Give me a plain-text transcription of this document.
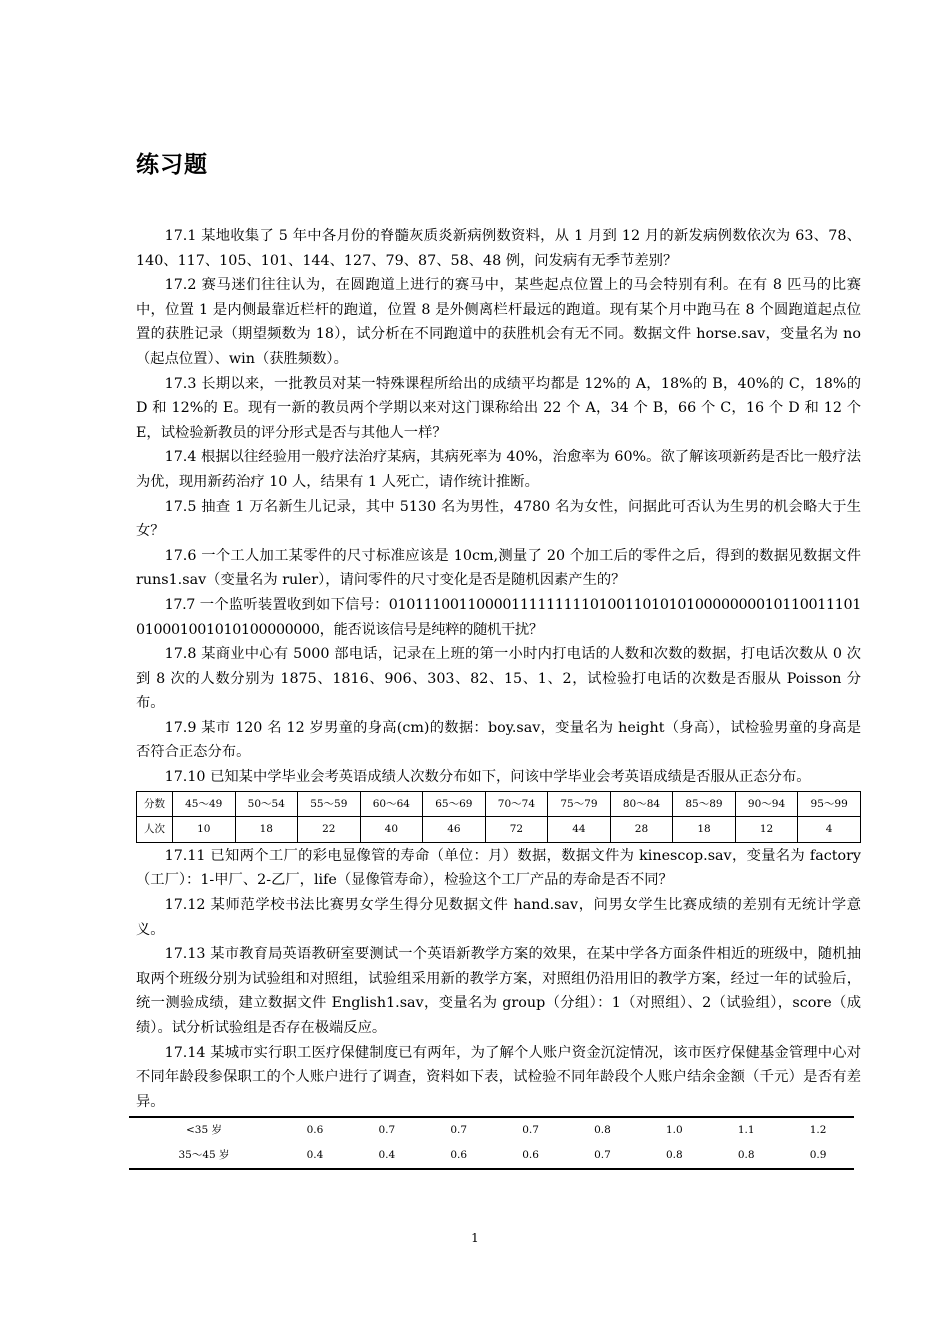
练习题

17.1 某地收集了 5 年中各月份的脊髓灰质炎新病例数资料，从 1 月到 12 月的新发病例数依次为 63、78、140、117、105、101、144、127、79、87、58、48 例，问发病有无季节差别？

17.2 赛马迷们往往认为，在圆跑道上进行的赛马中，某些起点位置上的马会特别有利。在有 8 匹马的比赛中，位置 1 是内侧最靠近栏杆的跑道，位置 8 是外侧离栏杆最远的跑道。现有某个月中跑马在 8 个圆跑道起点位置的获胜记录（期望频数为 18），试分析在不同跑道中的获胜机会有无不同。数据文件 horse.sav，变量名为 no（起点位置）、win（获胜频数）。

17.3 长期以来，一批教员对某一特殊课程所给出的成绩平均都是 12%的 A，18%的 B，40%的 C，18%的 D 和 12%的 E。现有一新的教员两个学期以来对这门课称给出 22 个 A，34 个 B，66 个 C，16 个 D 和 12 个 E，试检验新教员的评分形式是否与其他人一样？

17.4 根据以往经验用一般疗法治疗某病，其病死率为 40%，治愈率为 60%。欲了解该项新药是否比一般疗法为优，现用新药治疗 10 人，结果有 1 人死亡，请作统计推断。

17.5 抽查 1 万名新生儿记录，其中 5130 名为男性，4780 名为女性，问据此可否认为生男的机会略大于生女？

17.6 一个工人加工某零件的尺寸标准应该是 10cm,测量了 20 个加工后的零件之后，得到的数据见数据文件 runs1.sav（变量名为 ruler），请问零件的尺寸变化是否是随机因素产生的？

17.7 一个监听装置收到如下信号：010111001100001111111110100110101010000000010110011101010001001010100000000，能否说该信号是纯粹的随机干扰？

17.8 某商业中心有 5000 部电话，记录在上班的第一小时内打电话的人数和次数的数据，打电话次数从 0 次到 8 次的人数分别为 1875、1816、906、303、82、15、1、2，试检验打电话的次数是否服从 Poisson 分布。

17.9 某市 120 名 12 岁男童的身高(cm)的数据：boy.sav，变量名为 height（身高），试检验男童的身高是否符合正态分布。

17.10 已知某中学毕业会考英语成绩人次数分布如下，问该中学毕业会考英语成绩是否服从正态分布。

分数	45～49	50～54	55～59	60～64	65～69	70～74	75～79	80～84	85～89	90～94	95～99
人次	10	18	22	40	46	72	44	28	18	12	4

17.11 已知两个工厂的彩电显像管的寿命（单位：月）数据，数据文件为 kinescop.sav，变量名为 factory（工厂）：1-甲厂、2-乙厂，life（显像管寿命），检验这个工厂产品的寿命是否不同？

17.12 某师范学校书法比赛男女学生得分见数据文件 hand.sav，问男女学生比赛成绩的差别有无统计学意义。

17.13 某市教育局英语教研室要测试一个英语新教学方案的效果，在某中学各方面条件相近的班级中，随机抽取两个班级分别为试验组和对照组，试验组采用新的教学方案，对照组仍沿用旧的教学方案，经过一年的试验后，统一测验成绩，建立数据文件 English1.sav，变量名为 group（分组）：1（对照组）、2（试验组），score（成绩）。试分析试验组是否存在极端反应。

17.14 某城市实行职工医疗保健制度已有两年，为了解个人账户资金沉淀情况，该市医疗保健基金管理中心对不同年龄段参保职工的个人账户进行了调查，资料如下表，试检验不同年龄段个人账户结余金额（千元）是否有差异。

<35 岁	0.6	0.7	0.7	0.7	0.8	1.0	1.1	1.2
35～45 岁	0.4	0.4	0.6	0.6	0.7	0.8	0.8	0.9
1
